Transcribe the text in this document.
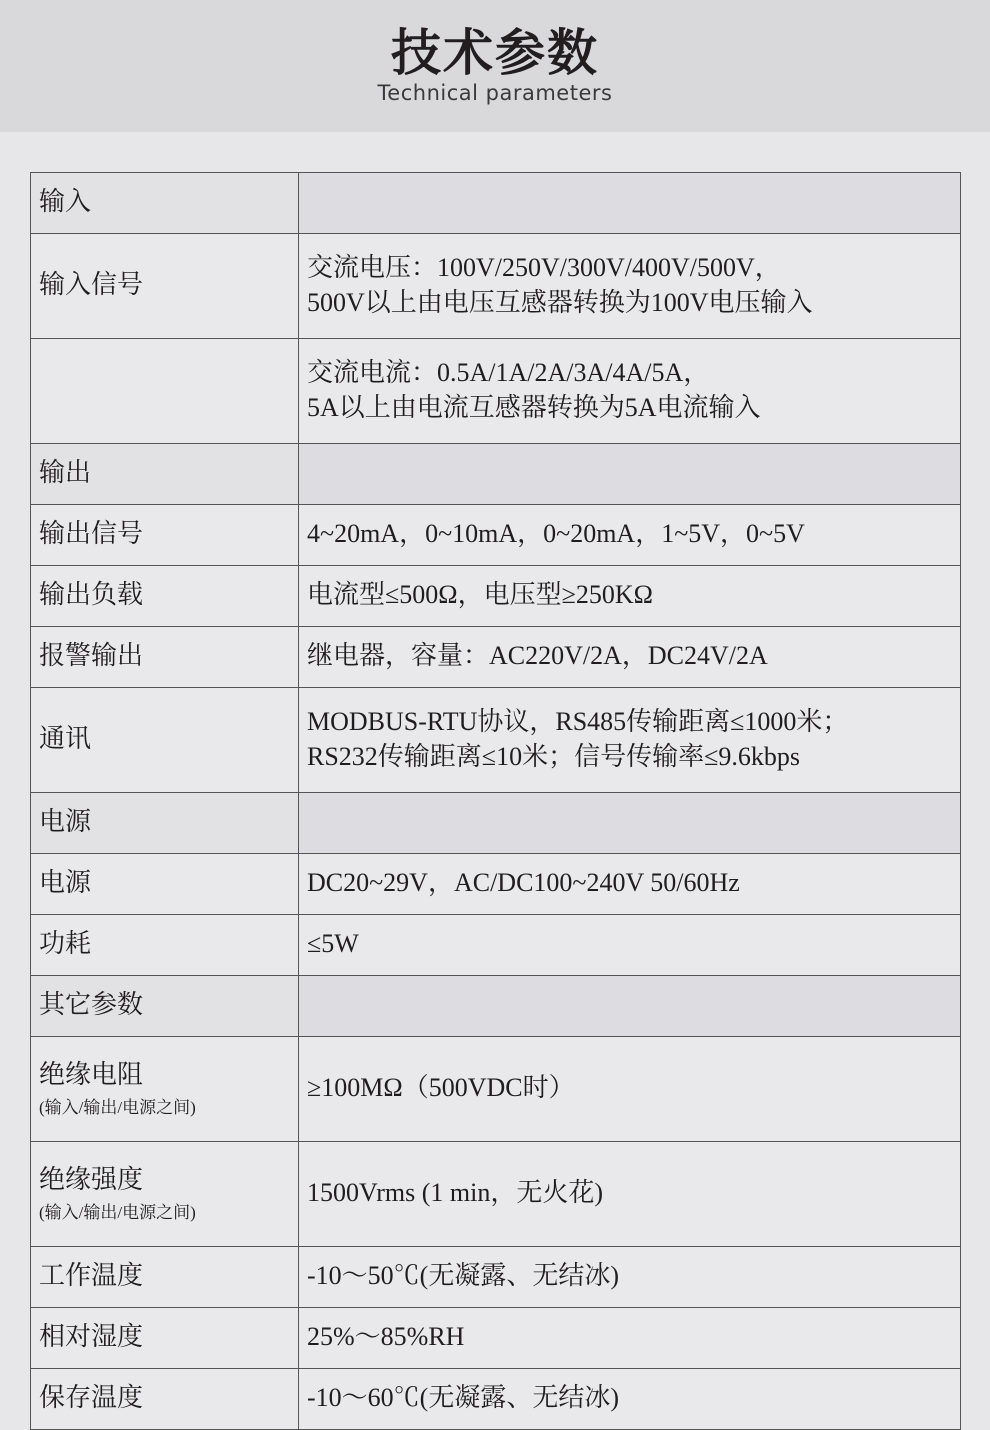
技术参数
Technical parameters
输入	
输入信号	交流电压：100V/250V/300V/400V/500V，
500V以上由电压互感器转换为100V电压输入

	交流电流：0.5A/1A/2A/3A/4A/5A，
5A以上由电流互感器转换为5A电流输入

输出	
输出信号	4~20mA，0~10mA，0~20mA，1~5V，0~5V
输出负载	电流型≤500Ω，电压型≥250KΩ
报警输出	继电器，容量：AC220V/2A，DC24V/2A
通讯	MODBUS-RTU协议，RS485传输距离≤1000米；
RS232传输距离≤10米；信号传输率≤9.6kbps

电源	
电源	DC20~29V，AC/DC100~240V 50/60Hz
功耗	≤5W
其它参数	
绝缘电阻
(输入/输出/电源之间)	≥100MΩ（500VDC时）
绝缘强度
(输入/输出/电源之间)	1500Vrms (1 min，无火花)
工作温度	-10～50℃(无凝露、无结冰)
相对湿度	25%～85%RH
保存温度	-10～60℃(无凝露、无结冰)
